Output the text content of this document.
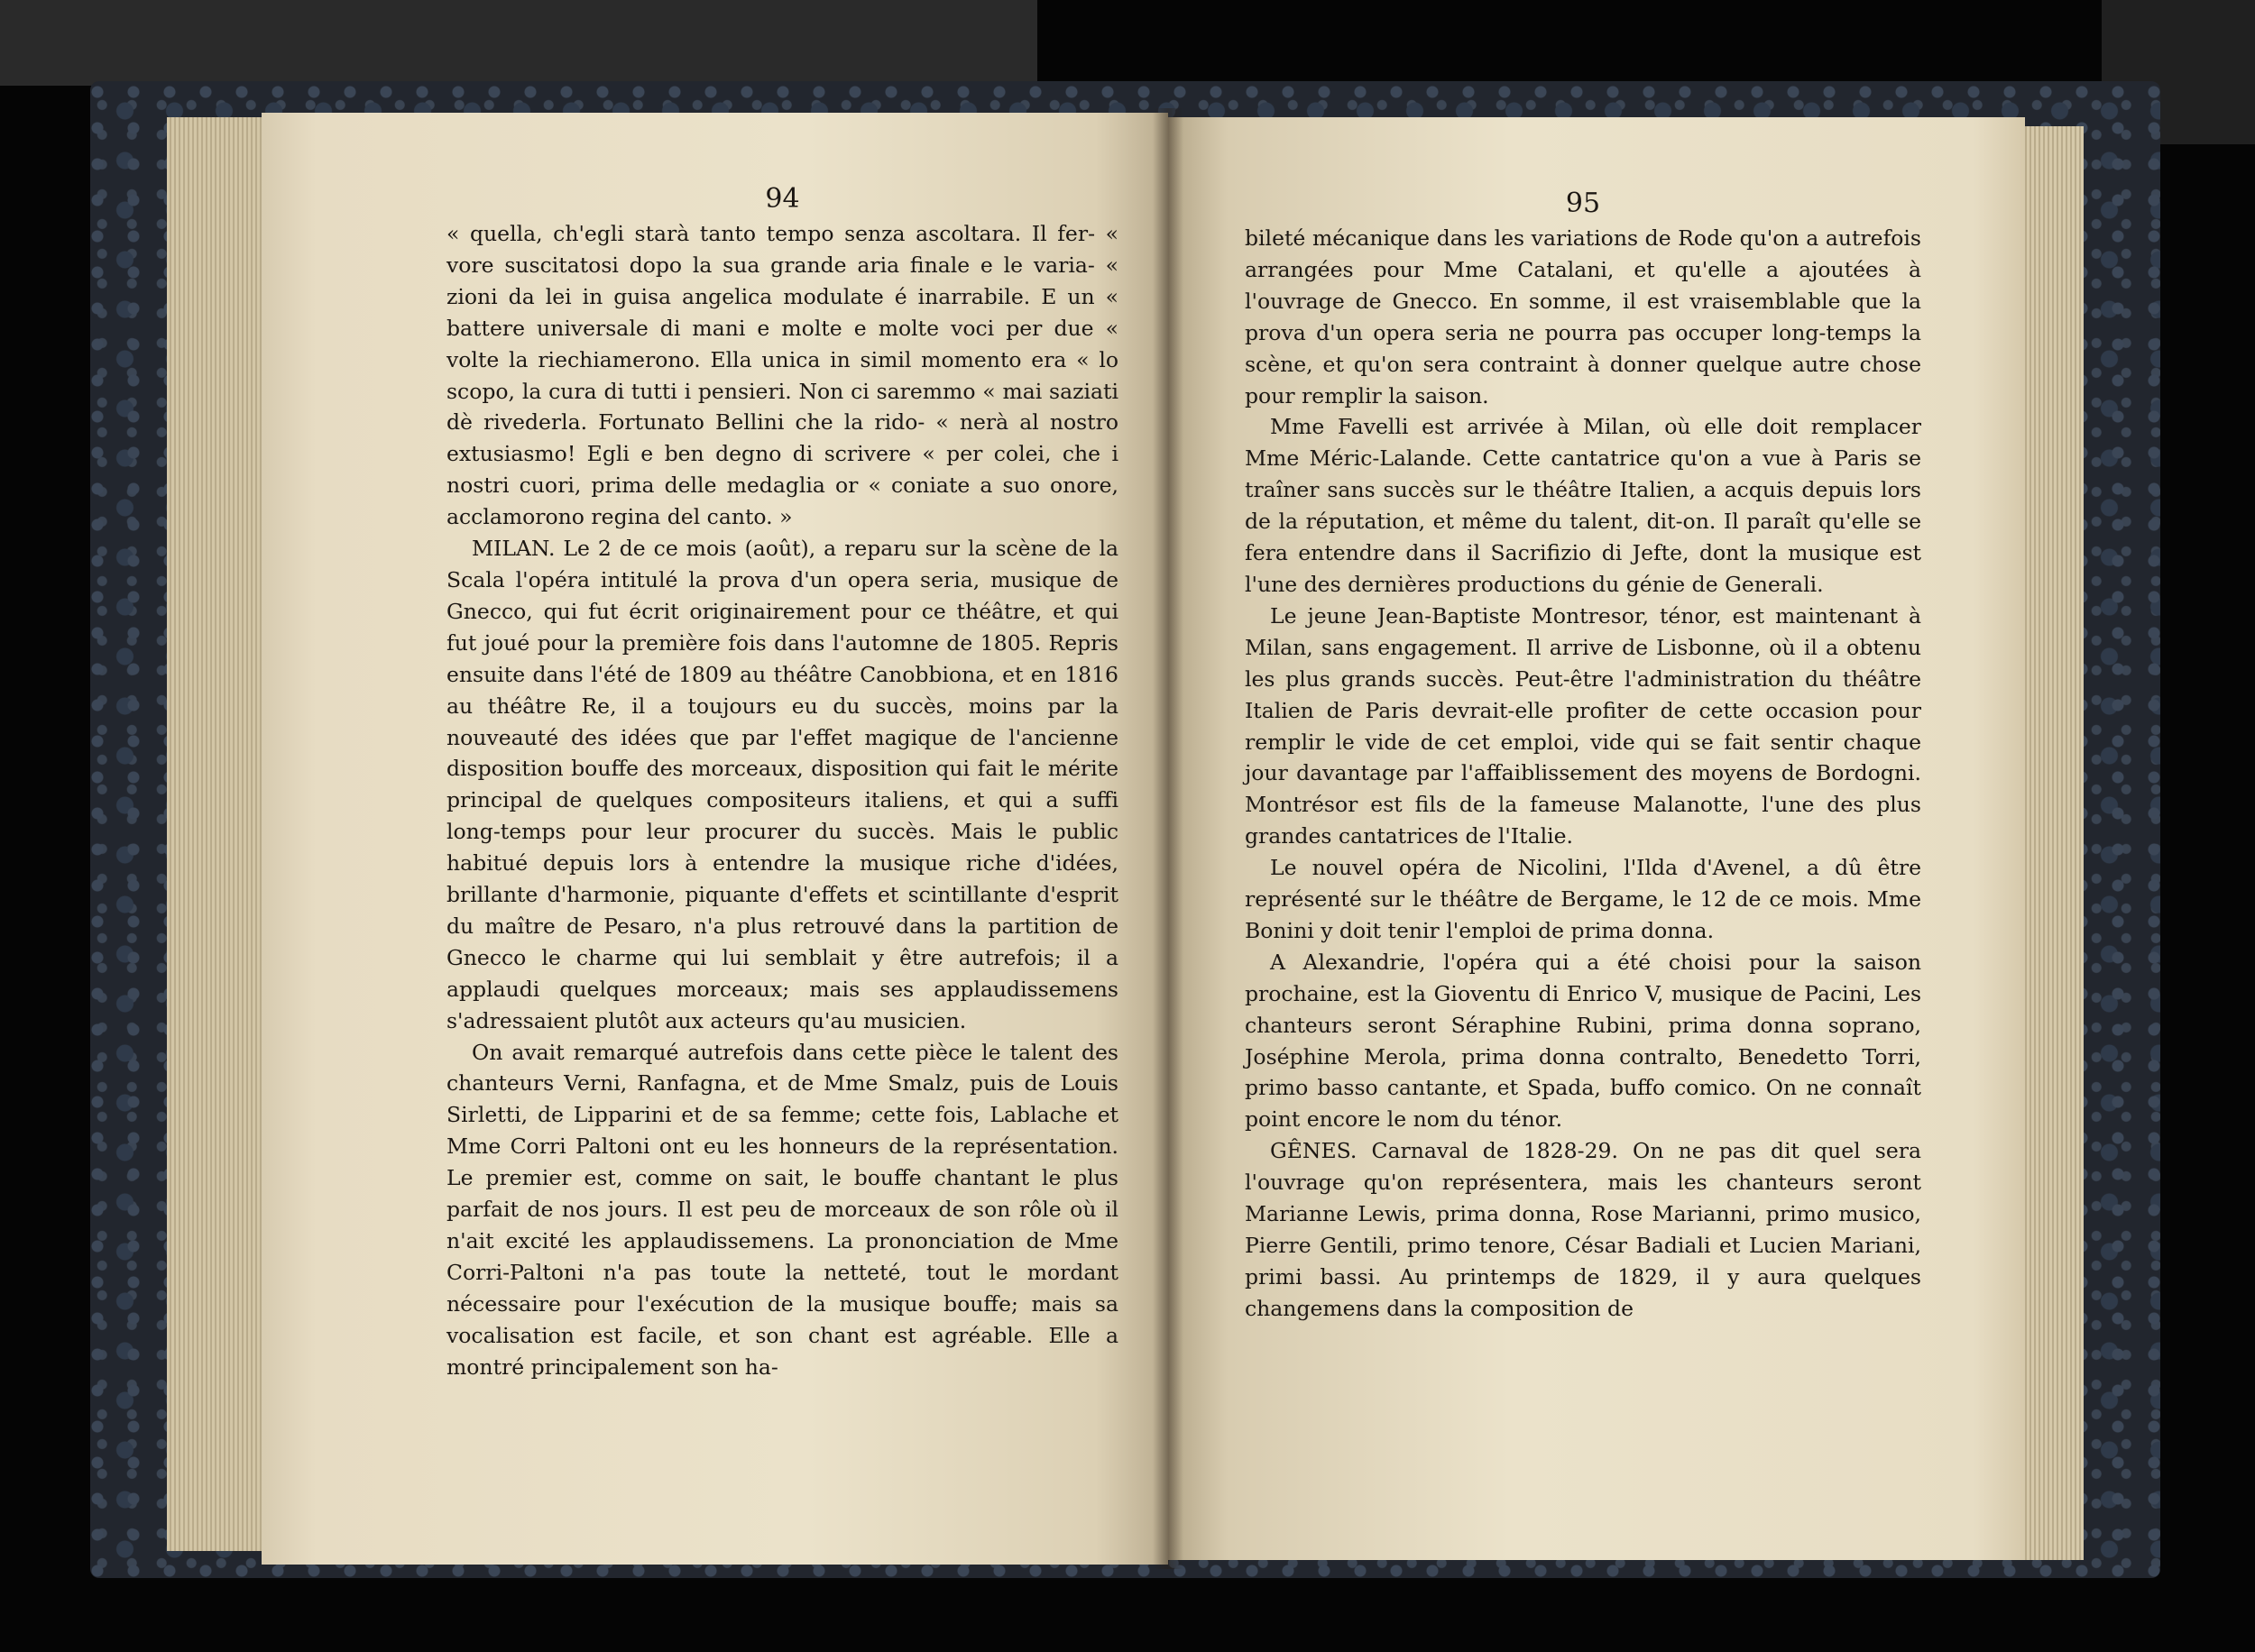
94

« quella, ch'egli starà tanto tempo senza ascoltara. Il fer- « vore suscitatosi dopo la sua grande aria finale e le varia- « zioni da lei in guisa angelica modulate é inarrabile. E un « battere universale di mani e molte e molte voci per due « volte la riechiamerono. Ella unica in simil momento era « lo scopo, la cura di tutti i pensieri. Non ci saremmo « mai saziati dè rivederla. Fortunato Bellini che la rido- « nerà al nostro extusiasmo! Egli e ben degno di scrivere « per colei, che i nostri cuori, prima delle medaglia or « coniate a suo onore, acclamorono regina del canto. »

MILAN. Le 2 de ce mois (août), a reparu sur la scène de la Scala l'opéra intitulé la prova d'un opera seria, musique de Gnecco, qui fut écrit originairement pour ce théâtre, et qui fut joué pour la première fois dans l'automne de 1805. Repris ensuite dans l'été de 1809 au théâtre Canobbiona, et en 1816 au théâtre Re, il a toujours eu du succès, moins par la nouveauté des idées que par l'effet magique de l'ancienne disposition bouffe des morceaux, disposition qui fait le mérite principal de quelques compositeurs italiens, et qui a suffi long-temps pour leur procurer du succès. Mais le public habitué depuis lors à entendre la musique riche d'idées, brillante d'harmonie, piquante d'effets et scintillante d'esprit du maître de Pesaro, n'a plus retrouvé dans la partition de Gnecco le charme qui lui semblait y être autrefois; il a applaudi quelques morceaux; mais ses applaudissemens s'adressaient plutôt aux acteurs qu'au musicien.

On avait remarqué autrefois dans cette pièce le talent des chanteurs Verni, Ranfagna, et de Mme Smalz, puis de Louis Sirletti, de Lipparini et de sa femme; cette fois, Lablache et Mme Corri Paltoni ont eu les honneurs de la représentation. Le premier est, comme on sait, le bouffe chantant le plus parfait de nos jours. Il est peu de morceaux de son rôle où il n'ait excité les applaudissemens. La prononciation de Mme Corri-Paltoni n'a pas toute la netteté, tout le mordant nécessaire pour l'exécution de la musique bouffe; mais sa vocalisation est facile, et son chant est agréable. Elle a montré principalement son ha-

95

bileté mécanique dans les variations de Rode qu'on a autrefois arrangées pour Mme Catalani, et qu'elle a ajoutées à l'ouvrage de Gnecco. En somme, il est vraisemblable que la prova d'un opera seria ne pourra pas occuper long-temps la scène, et qu'on sera contraint à donner quelque autre chose pour remplir la saison.

Mme Favelli est arrivée à Milan, où elle doit remplacer Mme Méric-Lalande. Cette cantatrice qu'on a vue à Paris se traîner sans succès sur le théâtre Italien, a acquis depuis lors de la réputation, et même du talent, dit-on. Il paraît qu'elle se fera entendre dans il Sacrifizio di Jefte, dont la musique est l'une des dernières productions du génie de Generali.

Le jeune Jean-Baptiste Montresor, ténor, est maintenant à Milan, sans engagement. Il arrive de Lisbonne, où il a obtenu les plus grands succès. Peut-être l'administration du théâtre Italien de Paris devrait-elle profiter de cette occasion pour remplir le vide de cet emploi, vide qui se fait sentir chaque jour davantage par l'affaiblissement des moyens de Bordogni. Montrésor est fils de la fameuse Malanotte, l'une des plus grandes cantatrices de l'Italie.

Le nouvel opéra de Nicolini, l'Ilda d'Avenel, a dû être représenté sur le théâtre de Bergame, le 12 de ce mois. Mme Bonini y doit tenir l'emploi de prima donna.

A Alexandrie, l'opéra qui a été choisi pour la saison prochaine, est la Gioventu di Enrico V, musique de Pacini, Les chanteurs seront Séraphine Rubini, prima donna soprano, Joséphine Merola, prima donna contralto, Benedetto Torri, primo basso cantante, et Spada, buffo comico. On ne connaît point encore le nom du ténor.

GÊNES. Carnaval de 1828-29. On ne pas dit quel sera l'ouvrage qu'on représentera, mais les chanteurs seront Marianne Lewis, prima donna, Rose Marianni, primo musico, Pierre Gentili, primo tenore, César Badiali et Lucien Mariani, primi bassi. Au printemps de 1829, il y aura quelques changemens dans la composition de
